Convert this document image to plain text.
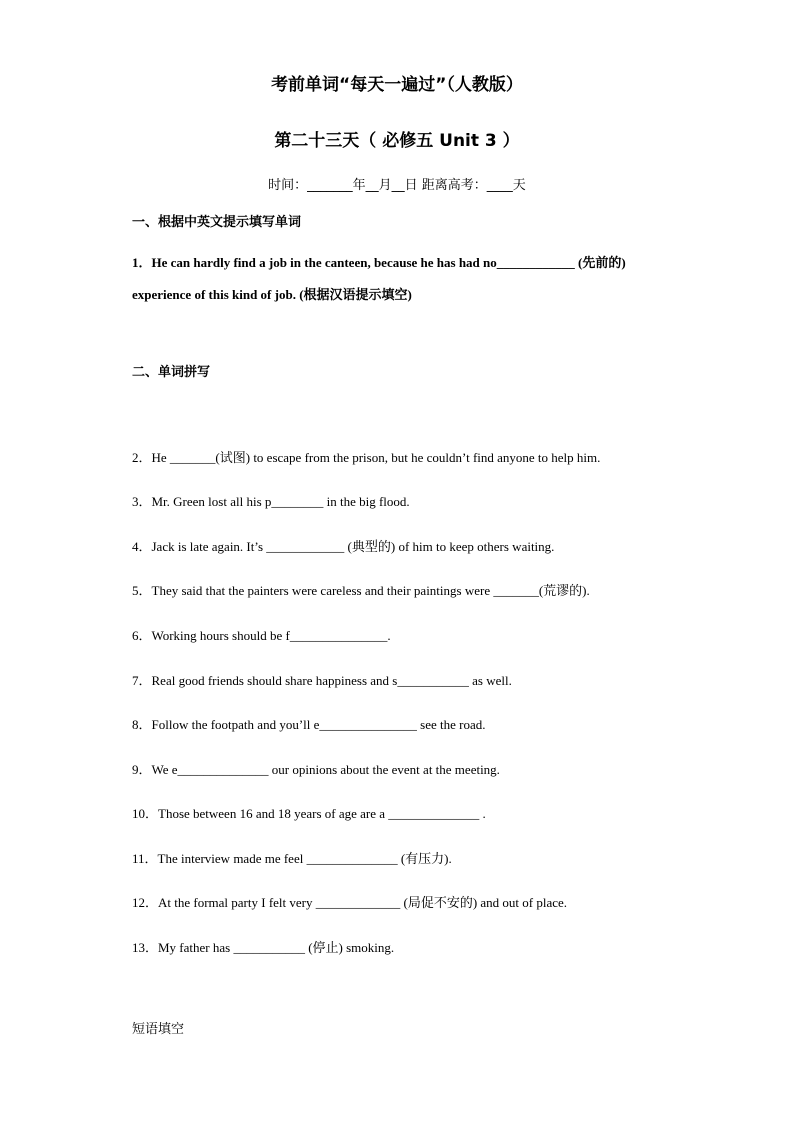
考前单词“每天一遍过”（人教版）
第二十三天（ 必修五 Unit 3 ）
时间：_______年__月__日 距离高考：____天
一、根据中英文提示填写单词
1．He can hardly find a job in the canteen, because he has had no____________ (先前的)
experience of this kind of job. (根据汉语提示填空)
二、单词拼写
2．He _______(试图) to escape from the prison, but he couldn’t find anyone to help him.
3．Mr. Green lost all his p________ in the big flood.
4．Jack is late again. It’s ____________ (典型的) of him to keep others waiting.
5．They said that the painters were careless and their paintings were _______(荒谬的).
6．Working hours should be f_______________.
7．Real good friends should share happiness and s___________ as well.
8．Follow the footpath and you’ll e_______________ see the road.
9．We e______________ our opinions about the event at the meeting.
10．Those between 16 and 18 years of age are a ______________ .
11．The interview made me feel ______________ (有压力).
12．At the formal party I felt very _____________ (局促不安的) and out of place.
13．My father has ___________ (停止) smoking.
短语填空
